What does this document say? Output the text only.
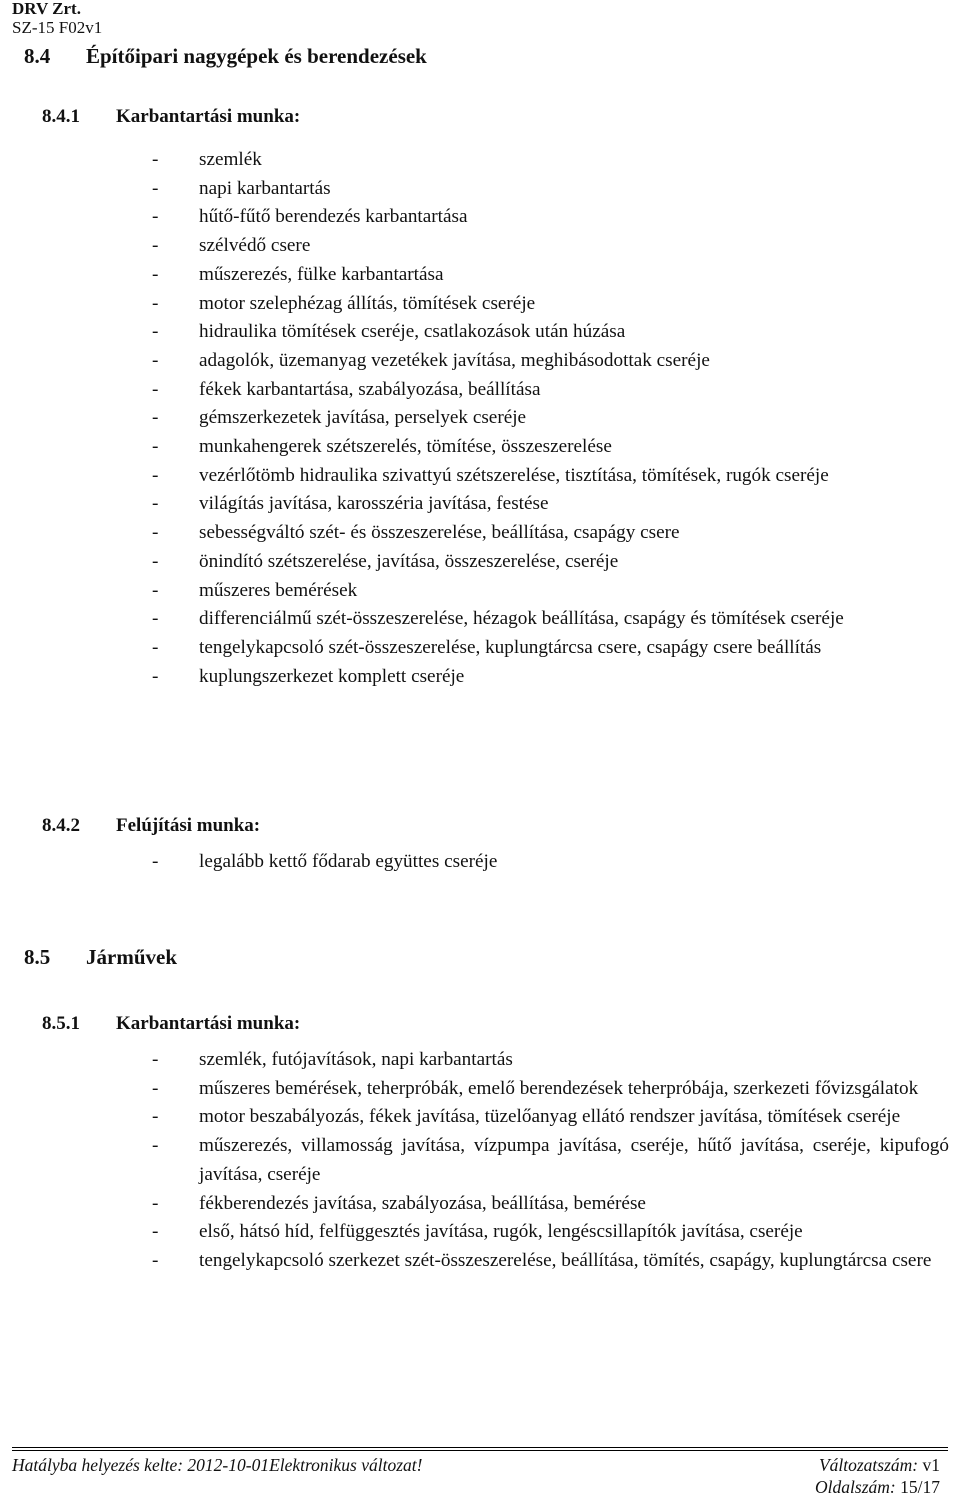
DRV Zrt.
SZ-15 F02v1
8.4 Építőipari nagygépek és berendezések
8.4.1 Karbantartási munka:
- szemlék
- napi karbantartás
- hűtő-fűtő berendezés karbantartása
- szélvédő csere
- műszerezés, fülke karbantartása
- motor szelephézag állítás, tömítések cseréje
- hidraulika tömítések cseréje, csatlakozások után húzása
- adagolók, üzemanyag vezetékek javítása, meghibásodottak cseréje
- fékek karbantartása, szabályozása, beállítása
- gémszerkezetek javítása, perselyek cseréje
- munkahengerek szétszerelés, tömítése, összeszerelése
- vezérlőtömb hidraulika szivattyú szétszerelése, tisztítása, tömítések, rugók cseréje
- világítás javítása, karosszéria javítása, festése
- sebességváltó szét- és összeszerelése, beállítása, csapágy csere
- önindító szétszerelése, javítása, összeszerelése, cseréje
- műszeres bemérések
- differenciálmű szét-összeszerelése, hézagok beállítása, csapágy és tömítések cseréje
- tengelykapcsoló szét-összeszerelése, kuplungtárcsa csere, csapágy csere beállítás
- kuplungszerkezet komplett cseréje
8.4.2 Felújítási munka:
- legalább kettő fődarab együttes cseréje
8.5 Járművek
8.5.1 Karbantartási munka:
- szemlék, futójavítások, napi karbantartás
- műszeres bemérések, teherpróbák, emelő berendezések teherpróbája, szerkezeti fővizsgálatok
- motor beszabályozás, fékek javítása, tüzelőanyag ellátó rendszer javítása, tömítések cseréje
- műszerezés, villamosság javítása, vízpumpa javítása, cseréje, hűtő javítása, cseréje, kipufogó javítása, cseréje
- fékberendezés javítása, szabályozása, beállítása, bemérése
- első, hátsó híd, felfüggesztés javítása, rugók, lengéscsillapítók javítása, cseréje
- tengelykapcsoló szerkezet szét-összeszerelése, beállítása, tömítés, csapágy, kuplungtárcsa csere
Hatályba helyezés kelte: 2012-10-01Elektronikus változat!	Változatszám: v1
Oldalszám: 15/17
